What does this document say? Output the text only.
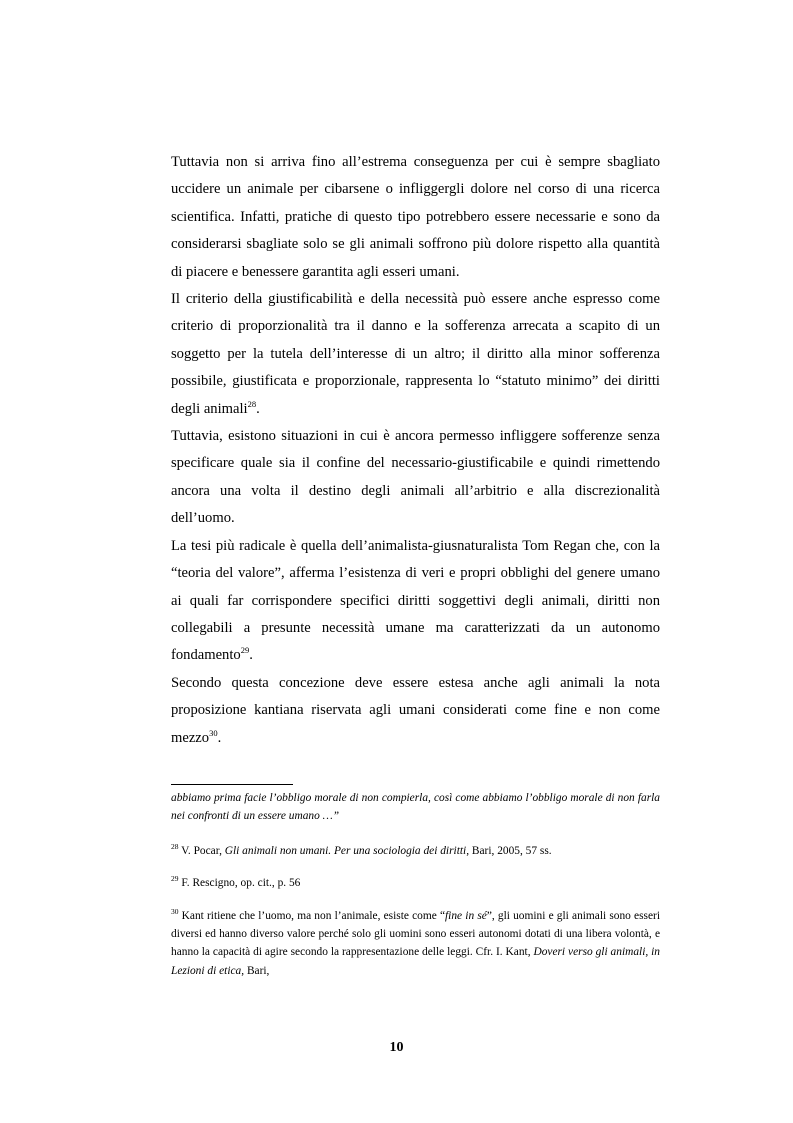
Tuttavia non si arriva fino all’estrema conseguenza per cui è sempre sbagliato uccidere un animale per cibarsene o infliggergli dolore nel corso di una ricerca scientifica. Infatti, pratiche di questo tipo potrebbero essere necessarie e sono da considerarsi sbagliate solo se gli animali soffrono più dolore rispetto alla quantità di piacere e benessere garantita agli esseri umani.

Il criterio della giustificabilità e della necessità può essere anche espresso come criterio di proporzionalità tra il danno e la sofferenza arrecata a scapito di un soggetto per la tutela dell’interesse di un altro; il diritto alla minor sofferenza possibile, giustificata e proporzionale, rappresenta lo “statuto minimo” dei diritti degli animali$^{28}$.

Tuttavia, esistono situazioni in cui è ancora permesso infliggere sofferenze senza specificare quale sia il confine del necessario-giustificabile e quindi rimettendo ancora una volta il destino degli animali all’arbitrio e alla discrezionalità dell’uomo.

La tesi più radicale è quella dell’animalista-giusnaturalista Tom Regan che, con la “teoria del valore”, afferma l’esistenza di veri e propri obblighi del genere umano ai quali far corrispondere specifici diritti soggettivi degli animali, diritti non collegabili a presunte necessità umane ma caratterizzati da un autonomo fondamento$^{29}$.

Secondo questa concezione deve essere estesa anche agli animali la nota proposizione kantiana riservata agli umani considerati come fine e non come mezzo$^{30}$.

abbiamo prima facie l’obbligo morale di non compierla, così come abbiamo l’obbligo morale di non farla nei confronti di un essere umano …”

$^{28}$ V. Pocar, Gli animali non umani. Per una sociologia dei diritti, Bari, 2005, 57 ss.

$^{29}$ F. Rescigno, op. cit., p. 56

$^{30}$ Kant ritiene che l’uomo, ma non l’animale, esiste come “fine in sé”, gli uomini e gli animali sono esseri diversi ed hanno diverso valore perché solo gli uomini sono esseri autonomi dotati di una libera volontà, e hanno la capacità di agire secondo la rappresentazione delle leggi. Cfr. I. Kant, Doveri verso gli animali, in Lezioni di etica, Bari,

10
